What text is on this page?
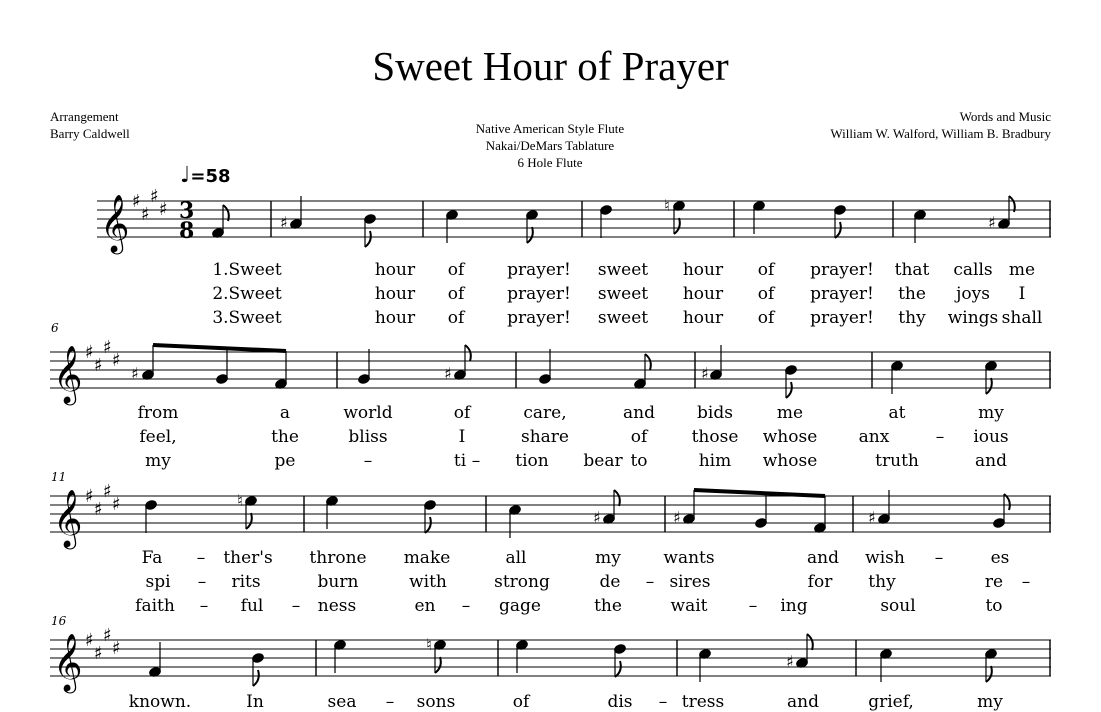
Sweet Hour of Prayer
Arrangement
Barry Caldwell	Native American Style Flute
Nakai/DeMars Tablature
6 Hole Flute
Words and Music
William W. Walford, William B. Bradbury
♩=58
𝄞 ♯
♯
♯
♯ 3
8	♯
♮
♯
6
𝄞 ♯
♯
♯
♯
♯	♯	♯
11
𝄞 ♯
♯
♯
♯	♮
♯	♯	♯
16
𝄞 ♯
♯
♯
♯	♮
♯
1.Sweet	hour of	prayer! sweet hour of prayer! that calls me
2.Sweet	hour of	prayer! sweet hour of prayer! the joys I
3.Sweet	hour of	prayer! sweet hour of prayer! thy wings shall
from	a	world	of	care,	and bids	me	at	my
feel,	the	bliss	I	share	of	those whose anx	– ious
my	pe	–	ti – tion bear to	him whose	truth	and
Fa – ther's throne make	all	my	wants	and wish –	es
spi – rits	burn	with	strong	de – sires	for thy	re –
faith – ful – ness	en – gage	the	wait – ing	soul	to
known.	In	sea – sons	of	dis – tress	and	grief,	my
